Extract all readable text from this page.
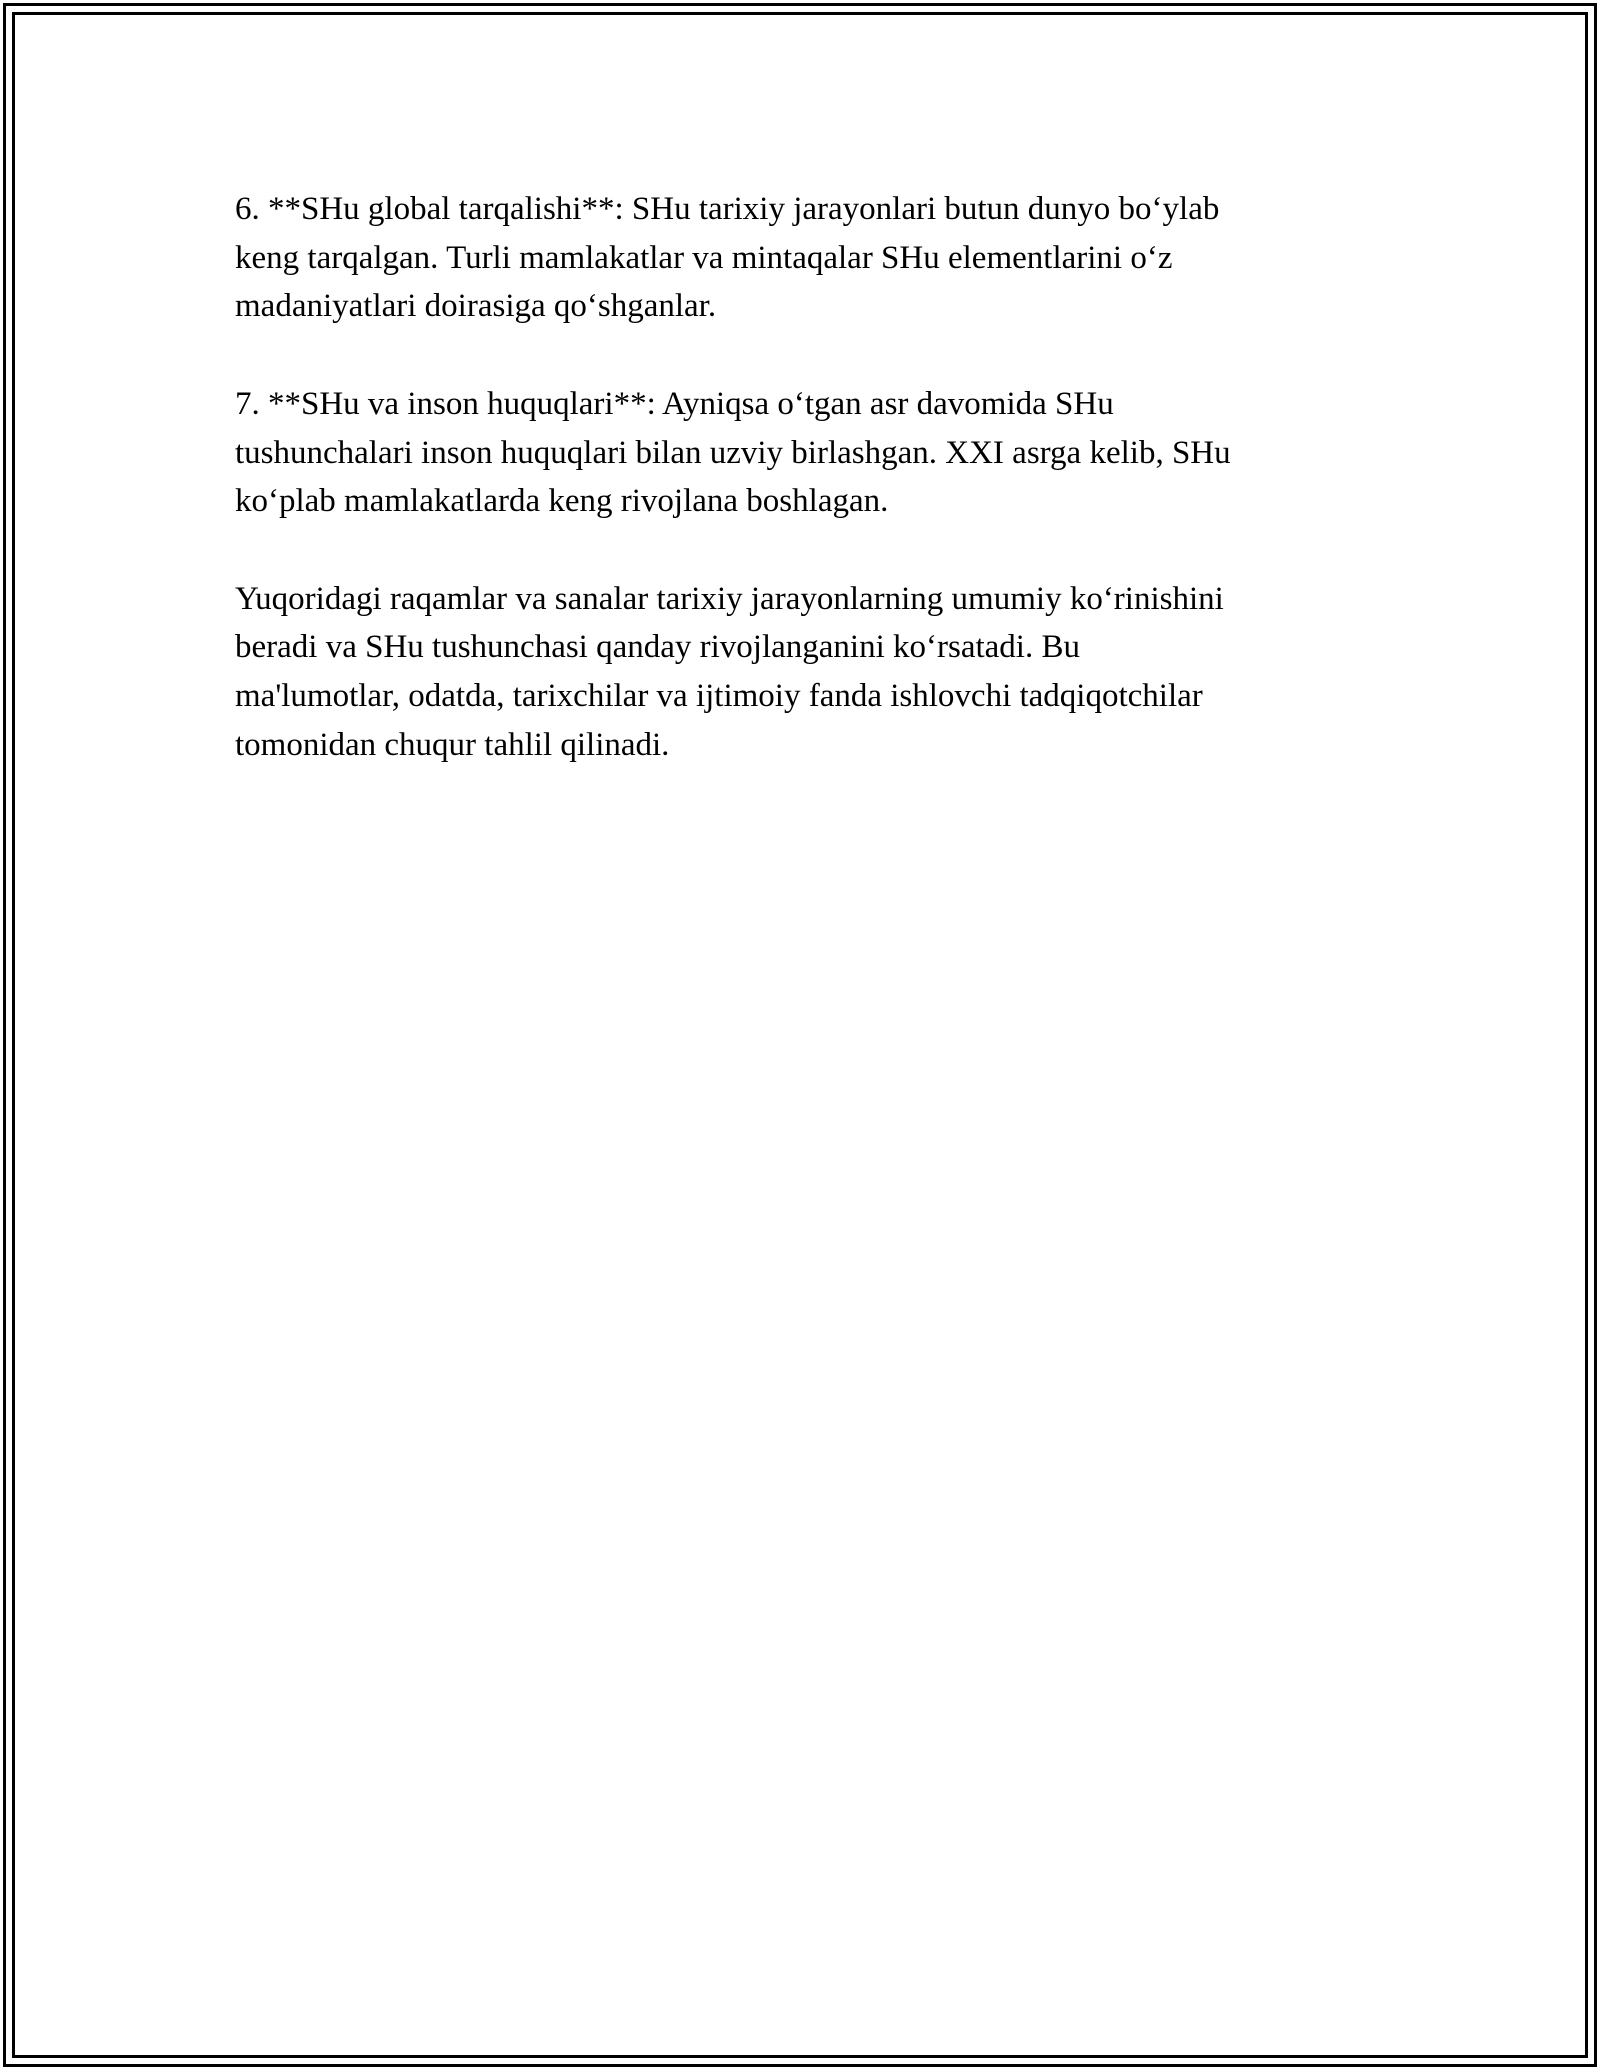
6. **SHu global tarqalishi**: SHu tarixiy jarayonlari butun dunyo bo‘ylab
keng tarqalgan. Turli mamlakatlar va mintaqalar SHu elementlarini o‘z
madaniyatlari doirasiga qo‘shganlar.

7. **SHu va inson huquqlari**: Ayniqsa o‘tgan asr davomida SHu
tushunchalari inson huquqlari bilan uzviy birlashgan. XXI asrga kelib, SHu
ko‘plab mamlakatlarda keng rivojlana boshlagan.

Yuqoridagi raqamlar va sanalar tarixiy jarayonlarning umumiy ko‘rinishini
beradi va SHu tushunchasi qanday rivojlanganini ko‘rsatadi. Bu
ma'lumotlar, odatda, tarixchilar va ijtimoiy fanda ishlovchi tadqiqotchilar
tomonidan chuqur tahlil qilinadi.
